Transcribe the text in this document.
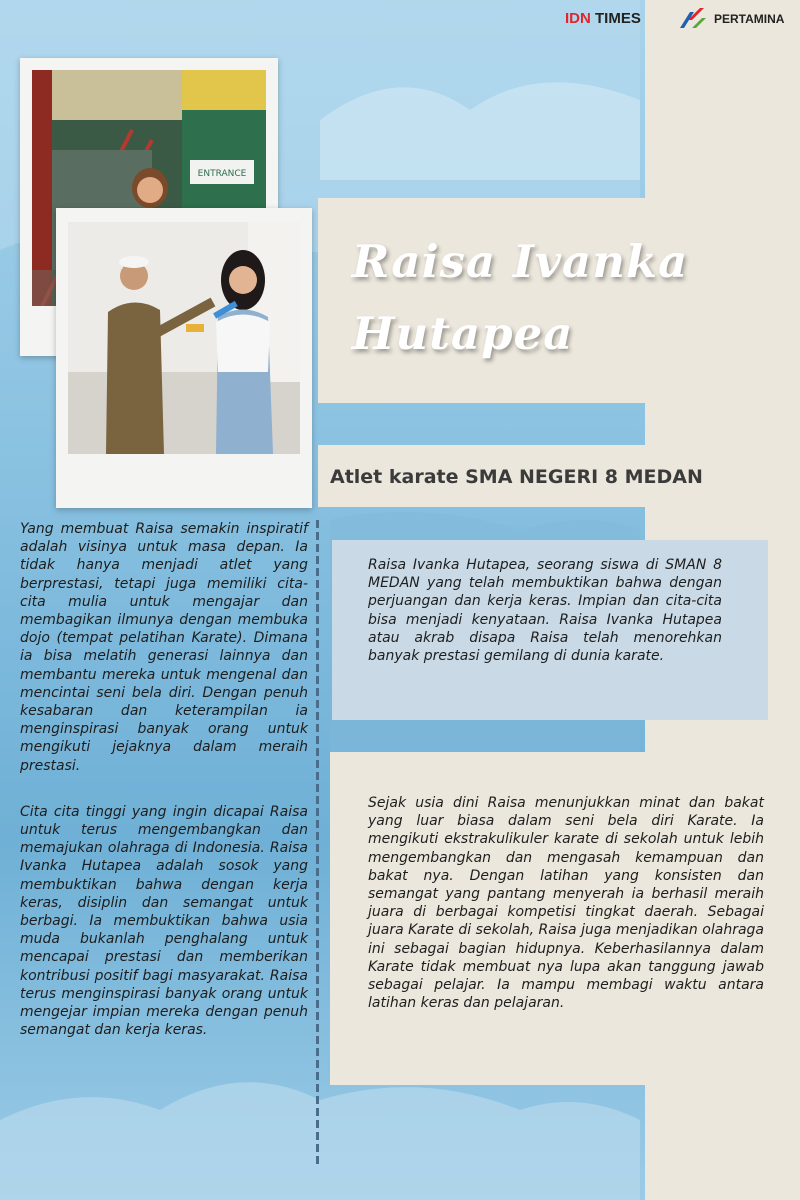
IDN TIMES	PERTAMINA
ENTRANCE
Raisa Ivanka
Hutapea
Atlet karate SMA NEGERI 8 MEDAN

Yang membuat Raisa semakin inspiratif adalah visinya untuk masa depan. Ia tidak hanya menjadi atlet yang berprestasi, tetapi juga memiliki cita-cita mulia untuk mengajar dan membagikan ilmunya dengan membuka dojo (tempat pelatihan Karate). Dimana ia bisa melatih generasi lainnya dan membantu mereka untuk mengenal dan mencintai seni bela diri. Dengan penuh kesabaran dan keterampilan ia menginspirasi banyak orang untuk mengikuti jejaknya dalam meraih prestasi.

Cita cita tinggi yang ingin dicapai Raisa untuk terus mengembangkan dan memajukan olahraga di Indonesia. Raisa Ivanka Hutapea adalah sosok yang membuktikan bahwa dengan kerja keras, disiplin dan semangat untuk berbagi. Ia membuktikan bahwa usia muda bukanlah penghalang untuk mencapai prestasi dan memberikan kontribusi positif bagi masyarakat. Raisa terus menginspirasi banyak orang untuk mengejar impian mereka dengan penuh semangat dan kerja keras.

Raisa Ivanka Hutapea, seorang siswa di SMAN 8 MEDAN yang telah membuktikan bahwa dengan perjuangan dan kerja keras. Impian dan cita-cita bisa menjadi kenyataan. Raisa Ivanka Hutapea atau akrab disapa Raisa telah menorehkan banyak prestasi gemilang di dunia karate.

Sejak usia dini Raisa menunjukkan minat dan bakat yang luar biasa dalam seni bela diri Karate. Ia mengikuti ekstrakulikuler karate di sekolah untuk lebih mengembangkan dan mengasah kemampuan dan bakat nya. Dengan latihan yang konsisten dan semangat yang pantang menyerah ia berhasil meraih juara di berbagai kompetisi tingkat daerah. Sebagai juara Karate di sekolah, Raisa juga menjadikan olahraga ini sebagai bagian hidupnya. Keberhasilannya dalam Karate tidak membuat nya lupa akan tanggung jawab sebagai pelajar. Ia mampu membagi waktu antara latihan keras dan pelajaran.
